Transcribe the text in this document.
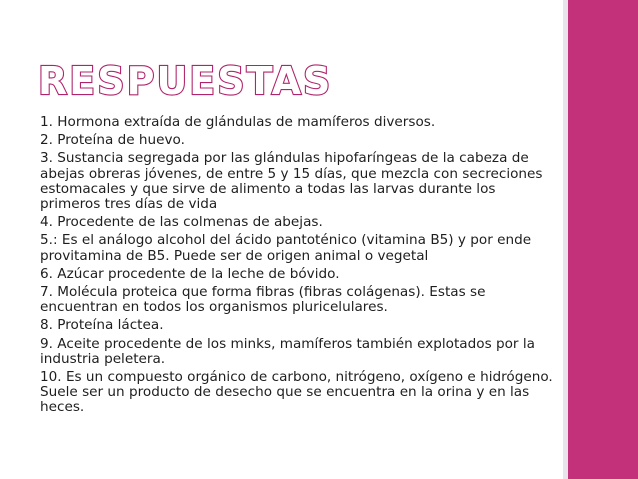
RESPUESTAS
1. Hormona extraída de glándulas de mamíferos diversos.
2. Proteína de huevo.
3. Sustancia segregada por las glándulas hipofaríngeas de la cabeza de abejas obreras jóvenes, de entre 5 y 15 días, que mezcla con secreciones estomacales y que sirve de alimento a todas las larvas durante los primeros tres días de vida
4. Procedente de las colmenas de abejas.
5.: Es el análogo alcohol del ácido pantoténico (vitamina B5) y por ende provitamina de B5. Puede ser de origen animal o vegetal
6. Azúcar procedente de la leche de bóvido.
7. Molécula proteica que forma fibras (fibras colágenas). Estas se encuentran en todos los organismos pluricelulares.
8. Proteína láctea.
9. Aceite procedente de los minks, mamíferos también explotados por la industria peletera.
10. Es un compuesto orgánico de carbono, nitrógeno, oxígeno e hidrógeno. Suele ser un producto de desecho que se encuentra en la orina y en las heces.
